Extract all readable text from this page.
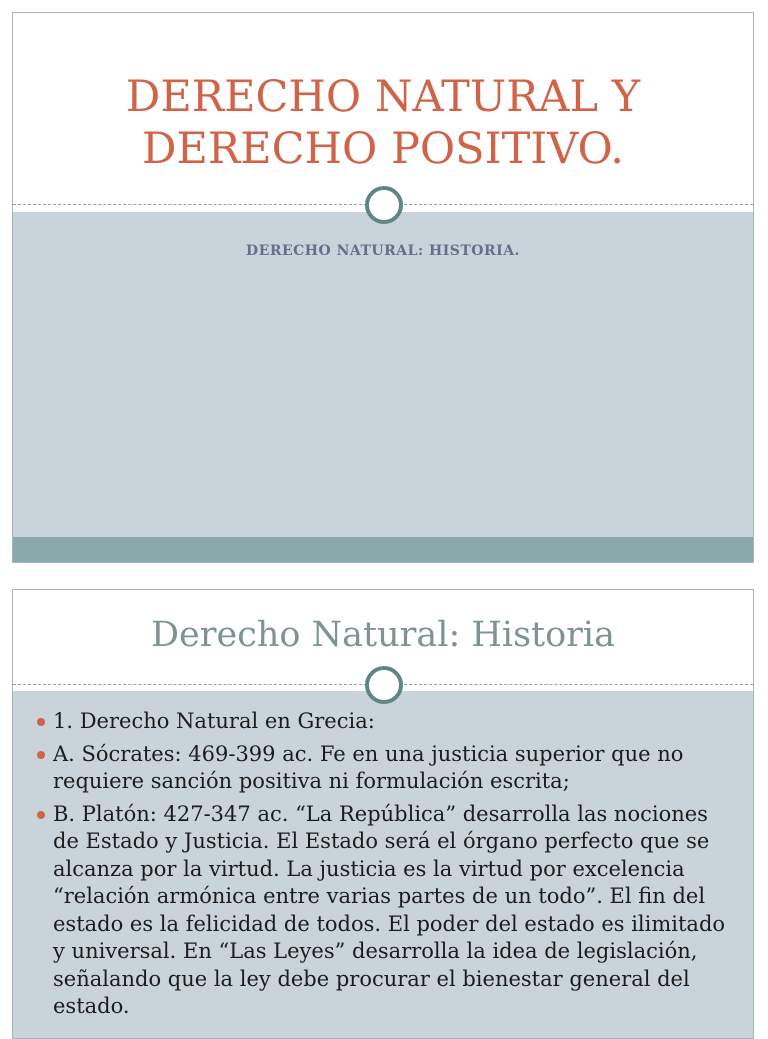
DERECHO NATURAL Y
DERECHO POSITIVO.
DERECHO NATURAL: HISTORIA.
Derecho Natural: Historia
1. Derecho Natural en Grecia:
A. Sócrates: 469-399 ac. Fe en una justicia superior que no requiere sanción positiva ni formulación escrita;
B. Platón: 427-347 ac. “La República” desarrolla las nociones de Estado y Justicia. El Estado será el órgano perfecto que se alcanza por la virtud. La justicia es la virtud por excelencia “relación armónica entre varias partes de un todo”. El fin del estado es la felicidad de todos. El poder del estado es ilimitado y universal. En “Las Leyes” desarrolla la idea de legislación, señalando que la ley debe procurar el bienestar general del estado.
